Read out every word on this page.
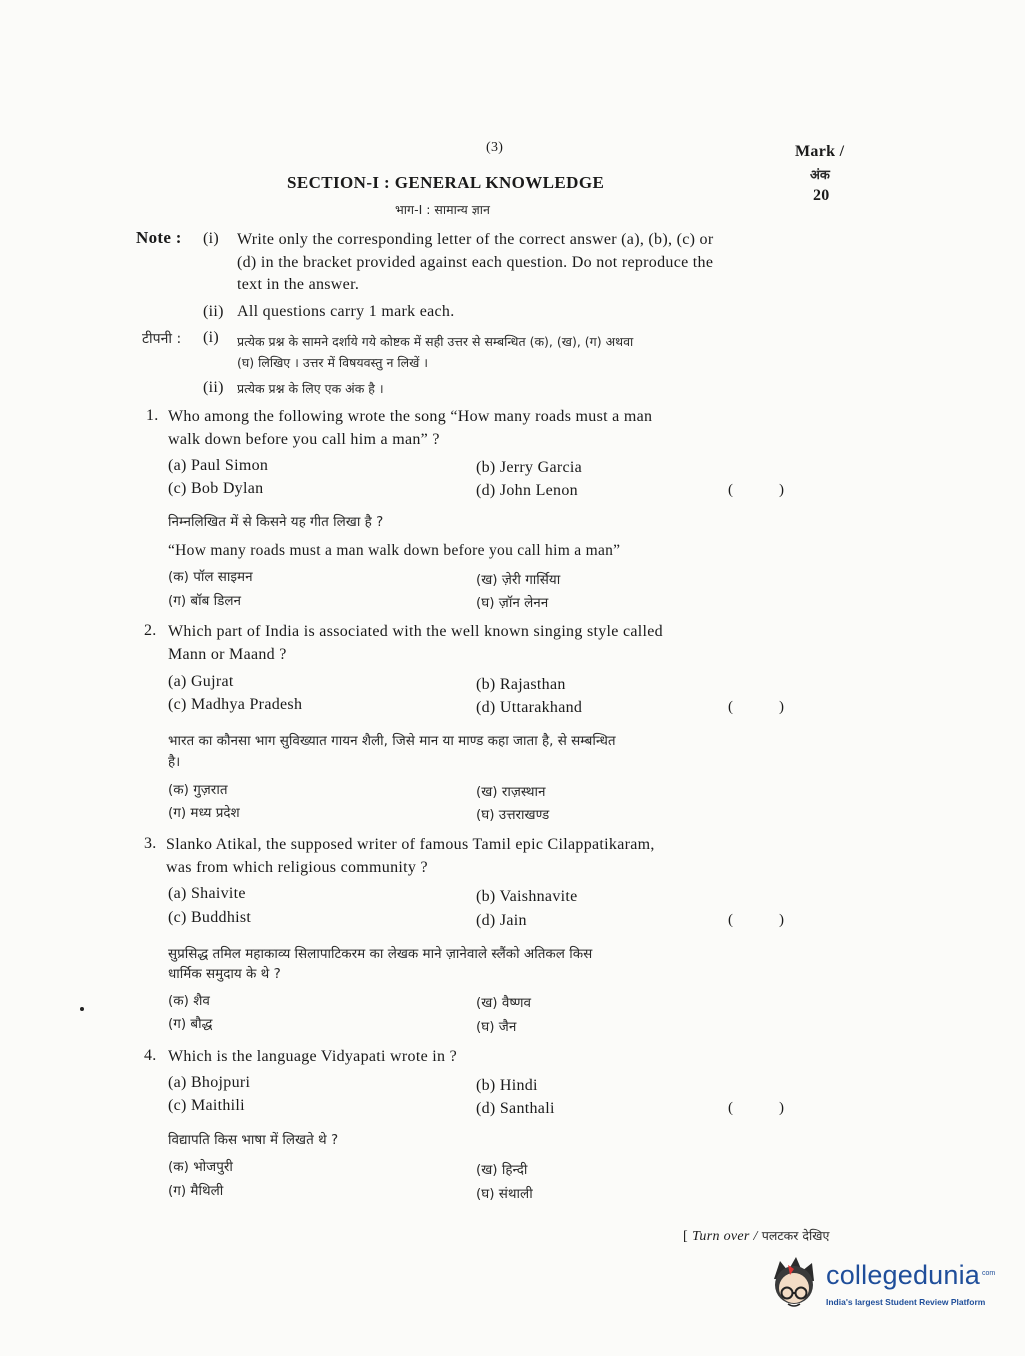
(3)	Mark /
अंक
20
SECTION-I : GENERAL KNOWLEDGE
भाग-I : सामान्य ज्ञान
Note : (i) Write only the corresponding letter of the correct answer (a), (b), (c) or
(d) in the bracket provided against each question. Do not reproduce the
text in the answer.
(ii) All questions carry 1 mark each.
टीपनी : (i) प्रत्येक प्रश्न के सामने दर्शाये गये कोष्टक में सही उत्तर से सम्बन्धित (क), (ख), (ग) अथवा
(घ) लिखिए । उत्तर में विषयवस्तु न लिखें ।
(ii) प्रत्येक प्रश्न के लिए एक अंक है ।
1. Who among the following wrote the song “How many roads must a man
walk down before you call him a man” ?
(a) Paul Simon	(b) Jerry Garcia
(c) Bob Dylan	(d) John Lenon	(	)
निम्नलिखित में से किसने यह गीत लिखा है ?
“How many roads must a man walk down before you call him a man”
(क) पॉल साइमन	(ख) ज़ेरी गार्सिया
(ग) बॉब डिलन	(घ) ज़ॉन लेनन
2. Which part of India is associated with the well known singing style called
Mann or Maand ?
(a) Gujrat	(b) Rajasthan
(c) Madhya Pradesh	(d) Uttarakhand	(	)
भारत का कौनसा भाग सुविख्यात गायन शैली, जिसे मान या माण्ड कहा जाता है, से सम्बन्धित
है।
(क) गुज़रात	(ख) राज़स्थान
(ग) मध्य प्रदेश	(घ) उत्तराखण्ड
3. Slanko Atikal, the supposed writer of famous Tamil epic Cilappatikaram,
was from which religious community ?
(a) Shaivite	(b) Vaishnavite
(c) Buddhist	(d) Jain	(	)
सुप्रसिद्ध तमिल महाकाव्य सिलापाटिकरम का लेखक माने ज़ानेवाले स्लैंको अतिकल किस
धार्मिक समुदाय के थे ?
(क) शैव	(ख) वैष्णव
(ग) बौद्ध	(घ) जैन
4. Which is the language Vidyapati wrote in ?
(a) Bhojpuri	(b) Hindi
(c) Maithili	(d) Santhali	(	)
विद्यापति किस भाषा में लिखते थे ?
(क) भोजपुरी	(ख) हिन्दी
(ग) मैथिली	(घ) संथाली
[ Turn over / पलटकर देखिए
collegedunia com
India's largest Student Review Platform
